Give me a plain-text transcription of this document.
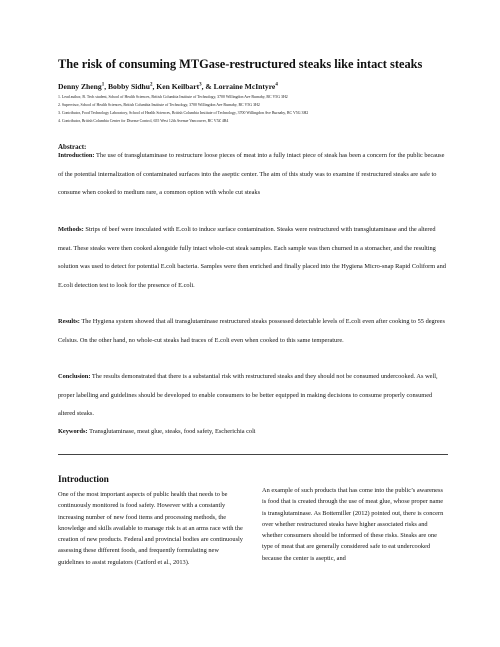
The risk of consuming MTGase-restructured steaks like intact steaks
Denny Zheng$^1$, Bobby Sidhu$^2$, Ken Keilbart$^3$, & Lorraine McIntyre$^4$
1. Lead author, B. Tech student, School of Health Sciences, British Columbia Institute of Technology, 3700 Willingdon Ave Burnaby, BC V5G 3H2
2. Supervisor, School of Health Sciences, British Columbia Institute of Technology, 3700 Willingdon Ave Burnaby, BC V5G 3H2
3. Contributor, Food Technology Laboratory, School of Health Sciences, British Columbia Institute of Technology, 3700 Willingdon Ave Burnaby, BC V5G 3H2
4. Contributor, British Columbia Center for Disease Control, 655 West 12th Avenue Vancouver, BC V5Z 4R4
Abstract:
Introduction: The use of transglutaminase to restructure loose pieces of meat into a fully intact piece of steak has been a concern for the public because of the potential internalization of contaminated surfaces into the aseptic center. The aim of this study was to examine if restructured steaks are safe to consume when cooked to medium rare, a common option with whole cut steaks
Methods: Strips of beef were inoculated with E.coli to induce surface contamination. Steaks were restructured with transglutaminase and the altered meat. These steaks were then cooked alongside fully intact whole-cut steak samples. Each sample was then churned in a stomacher, and the resulting solution was used to detect for potential E.coli bacteria. Samples were then enriched and finally placed into the Hygiena Micro-snap Rapid Coliform and E.coli detection test to look for the presence of E.coli.
Results: The Hygiena system showed that all transglutaminase restructured steaks possessed detectable levels of E.coli even after cooking to 55 degrees Celsius. On the other hand, no whole-cut steaks had traces of E.coli even when cooked to this same temperature.
Conclusion: The results demonstrated that there is a substantial risk with restructured steaks and they should not be consumed undercooked. As well, proper labelling and guidelines should be developed to enable consumers to be better equipped in making decisions to consume properly consumed altered steaks.
Keywords: Transglutaminase, meat glue, steaks, food safety, Escherichia coli
Introduction
One of the most important aspects of public health that needs to be continuously monitored is food safety. However with a constantly increasing number of new food items and processing methods, the knowledge and skills available to manage risk is at an arms race with the creation of new products. Federal and provincial bodies are continuously assessing these different foods, and frequently formulating new guidelines to assist regulators (Catford et al., 2013).
An example of such products that has come into the public’s awareness is food that is created through the use of meat glue, whose proper name is transglutaminase. As Bottemiller (2012) pointed out, there is concern over whether restructured steaks have higher associated risks and whether consumers should be informed of these risks. Steaks are one type of meat that are generally considered safe to eat undercooked because the center is aseptic, and
